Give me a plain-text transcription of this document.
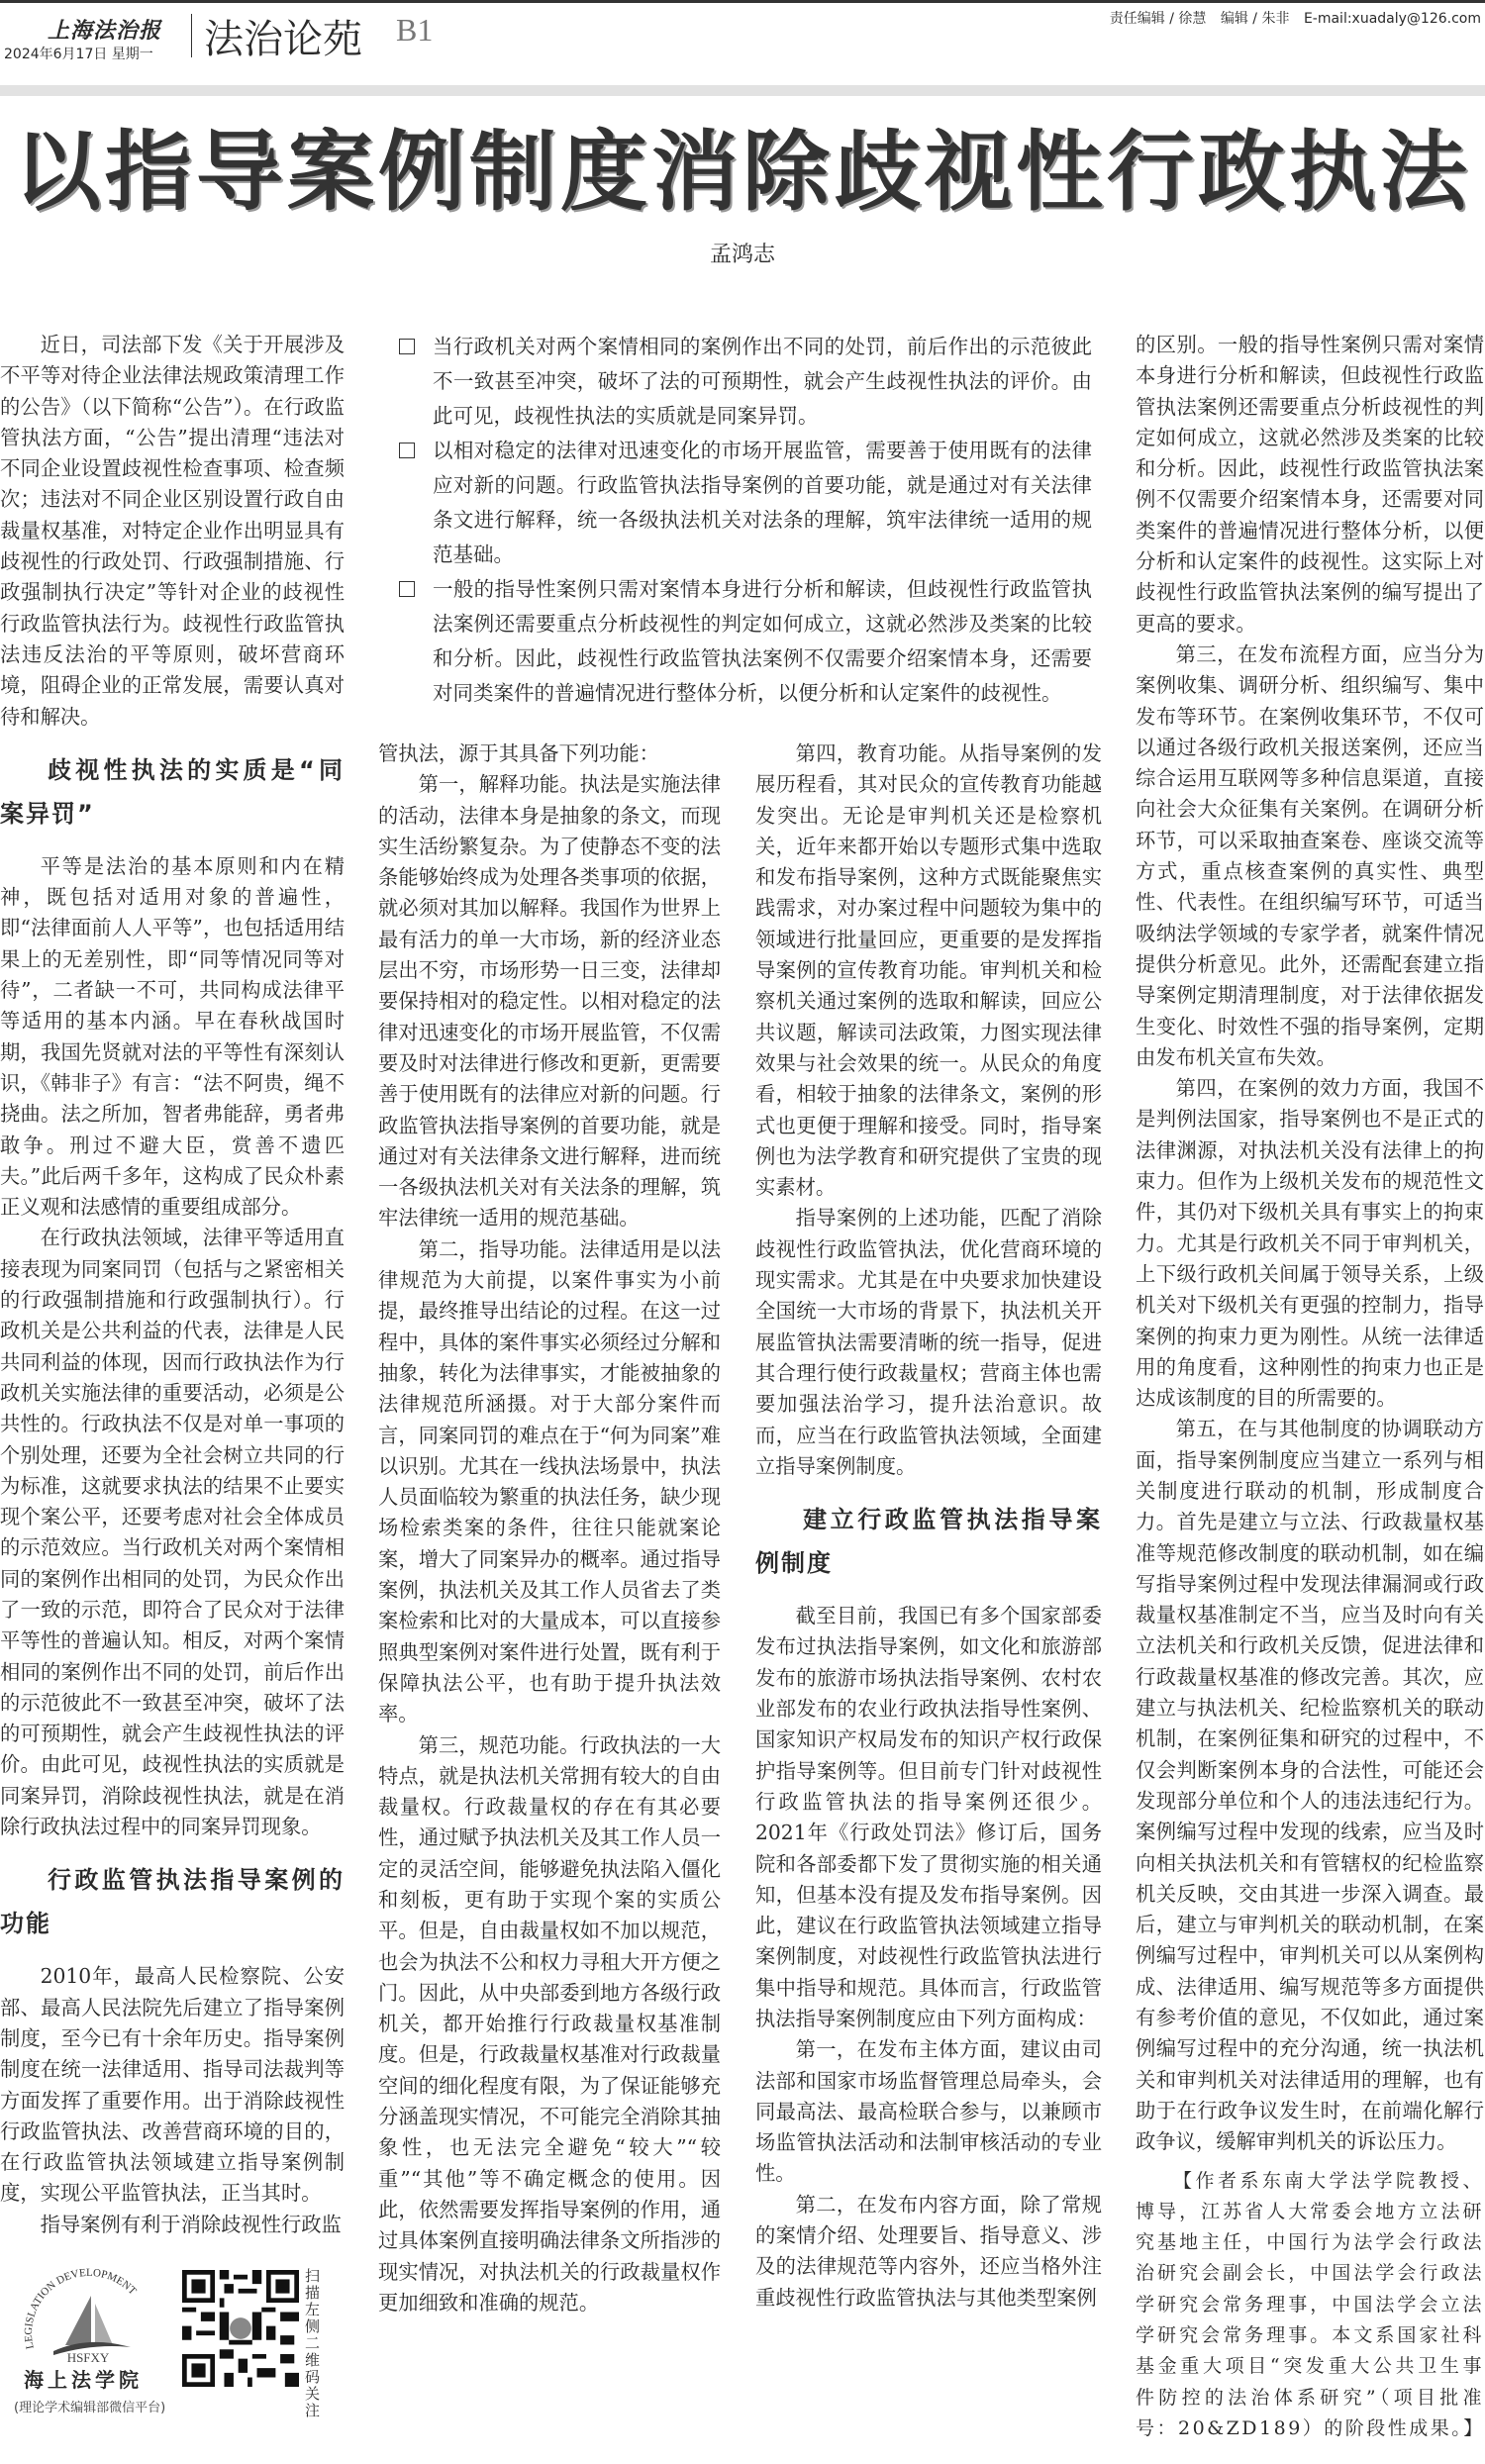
上海法治报
2024年6月17日 星期一 法治论苑 B1	责任编辑 / 徐慧 编辑 / 朱非 E-mail:xuadaly@126.com
以指导案例制度消除歧视性行政执法
孟鸿志

近日，司法部下发《关于开展涉及不平等对待企业法律法规政策清理工作的公告》（以下简称“公告”）。在行政监管执法方面，“公告”提出清理“违法对不同企业设置歧视性检查事项、检查频次；违法对不同企业区别设置行政自由裁量权基准，对特定企业作出明显具有歧视性的行政处罚、行政强制措施、行政强制执行决定”等针对企业的歧视性行政监管执法行为。歧视性行政监管执法违反法治的平等原则，破坏营商环境，阻碍企业的正常发展，需要认真对待和解决。

歧视性执法的实质是“同案异罚”

平等是法治的基本原则和内在精神，既包括对适用对象的普遍性，即“法律面前人人平等”，也包括适用结果上的无差别性，即“同等情况同等对待”，二者缺一不可，共同构成法律平等适用的基本内涵。早在春秋战国时期，我国先贤就对法的平等性有深刻认识，《韩非子》有言：“法不阿贵，绳不挠曲。法之所加，智者弗能辞，勇者弗敢争。刑过不避大臣，赏善不遗匹夫。”此后两千多年，这构成了民众朴素正义观和法感情的重要组成部分。

在行政执法领域，法律平等适用直接表现为同案同罚（包括与之紧密相关的行政强制措施和行政强制执行）。行政机关是公共利益的代表，法律是人民共同利益的体现，因而行政执法作为行政机关实施法律的重要活动，必须是公共性的。行政执法不仅是对单一事项的个别处理，还要为全社会树立共同的行为标准，这就要求执法的结果不止要实现个案公平，还要考虑对社会全体成员的示范效应。当行政机关对两个案情相同的案例作出相同的处罚，为民众作出了一致的示范，即符合了民众对于法律平等性的普遍认知。相反，对两个案情相同的案例作出不同的处罚，前后作出的示范彼此不一致甚至冲突，破坏了法的可预期性，就会产生歧视性执法的评价。由此可见，歧视性执法的实质就是同案异罚，消除歧视性执法，就是在消除行政执法过程中的同案异罚现象。

行政监管执法指导案例的功能

2010年，最高人民检察院、公安部、最高人民法院先后建立了指导案例制度，至今已有十余年历史。指导案例制度在统一法律适用、指导司法裁判等方面发挥了重要作用。出于消除歧视性行政监管执法、改善营商环境的目的，在行政监管执法领域建立指导案例制度，实现公平监管执法，正当其时。

指导案例有利于消除歧视性行政监

LEGISLATION DEVELOPMENT
HSFXY
海上法学院
(理论学术编辑部微信平台)
扫描左侧二维码关注
当行政机关对两个案情相同的案例作出不同的处罚，前后作出的示范彼此不一致甚至冲突，破坏了法的可预期性，就会产生歧视性执法的评价。由此可见，歧视性执法的实质就是同案异罚。
以相对稳定的法律对迅速变化的市场开展监管，需要善于使用既有的法律应对新的问题。行政监管执法指导案例的首要功能，就是通过对有关法律条文进行解释，统一各级执法机关对法条的理解，筑牢法律统一适用的规范基础。
一般的指导性案例只需对案情本身进行分析和解读，但歧视性行政监管执法案例还需要重点分析歧视性的判定如何成立，这就必然涉及类案的比较和分析。因此，歧视性行政监管执法案例不仅需要介绍案情本身，还需要对同类案件的普遍情况进行整体分析，以便分析和认定案件的歧视性。

管执法，源于其具备下列功能：

第一，解释功能。执法是实施法律的活动，法律本身是抽象的条文，而现实生活纷繁复杂。为了使静态不变的法条能够始终成为处理各类事项的依据，就必须对其加以解释。我国作为世界上最有活力的单一大市场，新的经济业态层出不穷，市场形势一日三变，法律却要保持相对的稳定性。以相对稳定的法律对迅速变化的市场开展监管，不仅需要及时对法律进行修改和更新，更需要善于使用既有的法律应对新的问题。行政监管执法指导案例的首要功能，就是通过对有关法律条文进行解释，进而统一各级执法机关对有关法条的理解，筑牢法律统一适用的规范基础。

第二，指导功能。法律适用是以法律规范为大前提，以案件事实为小前提，最终推导出结论的过程。在这一过程中，具体的案件事实必须经过分解和抽象，转化为法律事实，才能被抽象的法律规范所涵摄。对于大部分案件而言，同案同罚的难点在于“何为同案”难以识别。尤其在一线执法场景中，执法人员面临较为繁重的执法任务，缺少现场检索类案的条件，往往只能就案论案，增大了同案异办的概率。通过指导案例，执法机关及其工作人员省去了类案检索和比对的大量成本，可以直接参照典型案例对案件进行处置，既有利于保障执法公平，也有助于提升执法效率。

第三，规范功能。行政执法的一大特点，就是执法机关常拥有较大的自由裁量权。行政裁量权的存在有其必要性，通过赋予执法机关及其工作人员一定的灵活空间，能够避免执法陷入僵化和刻板，更有助于实现个案的实质公平。但是，自由裁量权如不加以规范，也会为执法不公和权力寻租大开方便之门。因此，从中央部委到地方各级行政机关，都开始推行行政裁量权基准制度。但是，行政裁量权基准对行政裁量空间的细化程度有限，为了保证能够充分涵盖现实情况，不可能完全消除其抽象性，也无法完全避免“较大”“较重”“其他”等不确定概念的使用。因此，依然需要发挥指导案例的作用，通过具体案例直接明确法律条文所指涉的现实情况，对执法机关的行政裁量权作更加细致和准确的规范。

第四，教育功能。从指导案例的发展历程看，其对民众的宣传教育功能越发突出。无论是审判机关还是检察机关，近年来都开始以专题形式集中选取和发布指导案例，这种方式既能聚焦实践需求，对办案过程中问题较为集中的领域进行批量回应，更重要的是发挥指导案例的宣传教育功能。审判机关和检察机关通过案例的选取和解读，回应公共议题，解读司法政策，力图实现法律效果与社会效果的统一。从民众的角度看，相较于抽象的法律条文，案例的形式也更便于理解和接受。同时，指导案例也为法学教育和研究提供了宝贵的现实素材。

指导案例的上述功能，匹配了消除歧视性行政监管执法，优化营商环境的现实需求。尤其是在中央要求加快建设全国统一大市场的背景下，执法机关开展监管执法需要清晰的统一指导，促进其合理行使行政裁量权；营商主体也需要加强法治学习，提升法治意识。故而，应当在行政监管执法领域，全面建立指导案例制度。

建立行政监管执法指导案例制度

截至目前，我国已有多个国家部委发布过执法指导案例，如文化和旅游部发布的旅游市场执法指导案例、农村农业部发布的农业行政执法指导性案例、国家知识产权局发布的知识产权行政保护指导案例等。但目前专门针对歧视性行政监管执法的指导案例还很少。2021年《行政处罚法》修订后，国务院和各部委都下发了贯彻实施的相关通知，但基本没有提及发布指导案例。因此，建议在行政监管执法领域建立指导案例制度，对歧视性行政监管执法进行集中指导和规范。具体而言，行政监管执法指导案例制度应由下列方面构成：

第一，在发布主体方面，建议由司法部和国家市场监督管理总局牵头，会同最高法、最高检联合参与，以兼顾市场监管执法活动和法制审核活动的专业性。

第二，在发布内容方面，除了常规的案情介绍、处理要旨、指导意义、涉及的法律规范等内容外，还应当格外注重歧视性行政监管执法与其他类型案例

的区别。一般的指导性案例只需对案情本身进行分析和解读，但歧视性行政监管执法案例还需要重点分析歧视性的判定如何成立，这就必然涉及类案的比较和分析。因此，歧视性行政监管执法案例不仅需要介绍案情本身，还需要对同类案件的普遍情况进行整体分析，以便分析和认定案件的歧视性。这实际上对歧视性行政监管执法案例的编写提出了更高的要求。

第三，在发布流程方面，应当分为案例收集、调研分析、组织编写、集中发布等环节。在案例收集环节，不仅可以通过各级行政机关报送案例，还应当综合运用互联网等多种信息渠道，直接向社会大众征集有关案例。在调研分析环节，可以采取抽查案卷、座谈交流等方式，重点核查案例的真实性、典型性、代表性。在组织编写环节，可适当吸纳法学领域的专家学者，就案件情况提供分析意见。此外，还需配套建立指导案例定期清理制度，对于法律依据发生变化、时效性不强的指导案例，定期由发布机关宣布失效。

第四，在案例的效力方面，我国不是判例法国家，指导案例也不是正式的法律渊源，对执法机关没有法律上的拘束力。但作为上级机关发布的规范性文件，其仍对下级机关具有事实上的拘束力。尤其是行政机关不同于审判机关，上下级行政机关间属于领导关系，上级机关对下级机关有更强的控制力，指导案例的拘束力更为刚性。从统一法律适用的角度看，这种刚性的拘束力也正是达成该制度的目的所需要的。

第五，在与其他制度的协调联动方面，指导案例制度应当建立一系列与相关制度进行联动的机制，形成制度合力。首先是建立与立法、行政裁量权基准等规范修改制度的联动机制，如在编写指导案例过程中发现法律漏洞或行政裁量权基准制定不当，应当及时向有关立法机关和行政机关反馈，促进法律和行政裁量权基准的修改完善。其次，应建立与执法机关、纪检监察机关的联动机制，在案例征集和研究的过程中，不仅会判断案例本身的合法性，可能还会发现部分单位和个人的违法违纪行为。案例编写过程中发现的线索，应当及时向相关执法机关和有管辖权的纪检监察机关反映，交由其进一步深入调查。最后，建立与审判机关的联动机制，在案例编写过程中，审判机关可以从案例构成、法律适用、编写规范等多方面提供有参考价值的意见，不仅如此，通过案例编写过程中的充分沟通，统一执法机关和审判机关对法律适用的理解，也有助于在行政争议发生时，在前端化解行政争议，缓解审判机关的诉讼压力。

【作者系东南大学法学院教授、博导，江苏省人大常委会地方立法研究基地主任，中国行为法学会行政法治研究会副会长，中国法学会行政法学研究会常务理事，中国法学会立法学研究会常务理事。本文系国家社科基金重大项目“突发重大公共卫生事件防控的法治体系研究”（项目批准号：20&ZD189）的阶段性成果。】
